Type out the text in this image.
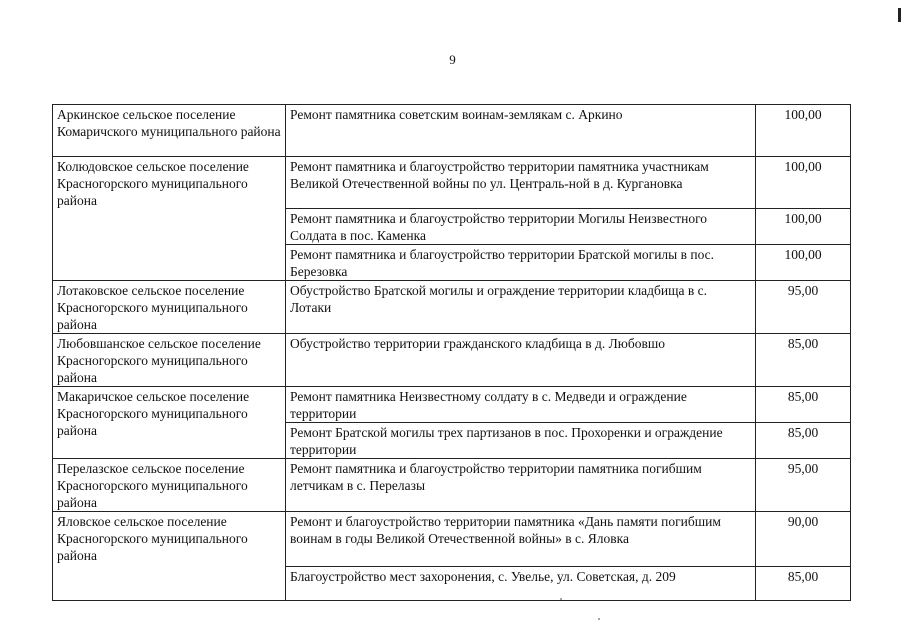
9
Аркинское сельское поселение Комаричского муниципального района	Ремонт памятника советским воинам-землякам с. Аркино	100,00
Колюдовское сельское поселение Красногорского муниципального района	Ремонт памятника и благоустройство территории памятника участникам Великой Отечественной войны по ул. Централь-ной в д. Кургановка	100,00
	Ремонт памятника и благоустройство территории Могилы Неизвестного Солдата в пос. Каменка	100,00
	Ремонт памятника и благоустройство территории Братской могилы в пос. Березовка	100,00
Лотаковское сельское поселение Красногорского муниципального района	Обустройство Братской могилы и ограждение территории кладбища в с. Лотаки	95,00
Любовшанское сельское поселение Красногорского муниципального района	Обустройство территории гражданского кладбища в д. Любовшо	85,00
Макаричское сельское поселение Красногорского муниципального района	Ремонт памятника Неизвестному солдату в с. Медведи и ограждение территории	85,00
	Ремонт Братской могилы трех партизанов в пос. Прохоренки и ограждение территории	85,00
Перелазское сельское поселение Красногорского муниципального района	Ремонт памятника и благоустройство территории памятника погибшим летчикам в с. Перелазы	95,00
Яловское сельское поселение Красногорского муниципального района	Ремонт и благоустройство территории памятника «Дань памяти погибшим воинам в годы Великой Отечественной войны» в с. Яловка	90,00
	Благоустройство мест захоронения, с. Увелье, ул. Советская, д. 209	85,00
